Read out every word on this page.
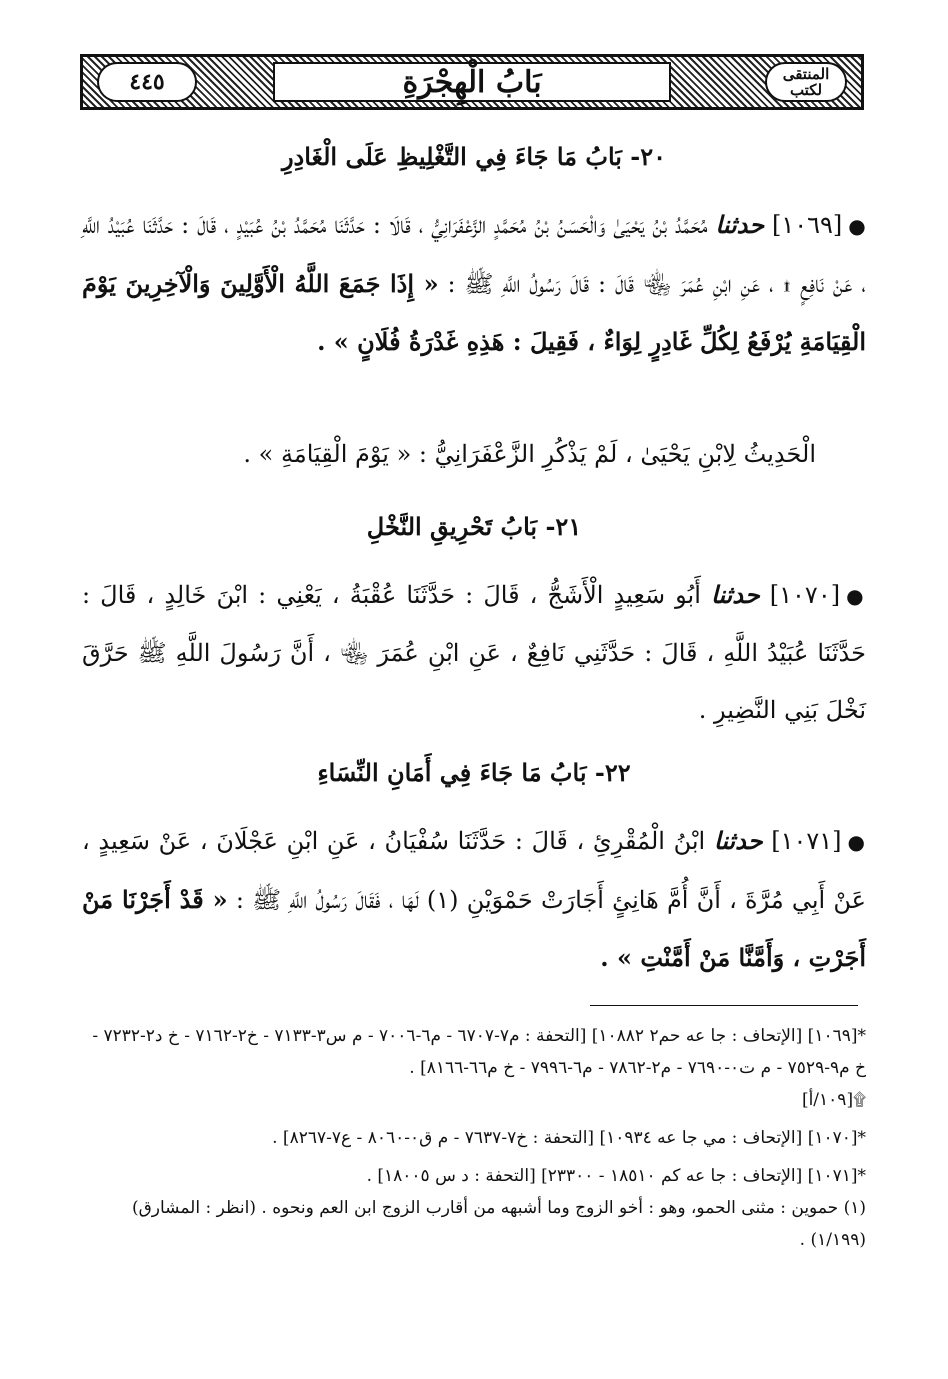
المنتقى لكتب
بَابُ الْهِجْرَةِ
٤٤٥
٢٠- بَابُ مَا جَاءَ فِي التَّغْلِيظِ عَلَى الْغَادِرِ

●[١٠٦٩] حدثنا مُحَمَّدُ بْنُ يَحْيَىٰ وَالْحَسَنُ بْنُ مُحَمَّدٍ الزَّعْفَرَانِيُّ ، قَالَا : حَدَّثَنَا مُحَمَّدُ بْنُ عُبَيْدٍ ، قَالَ : حَدَّثَنَا عُبَيْدُ اللَّهِ ، عَنْ نَافِعٍ ۩ ، عَنِ ابْنِ عُمَرَ ﵄ قَالَ : قَالَ رَسُولُ اللَّهِ ﷺ : « إِذَا جَمَعَ اللَّهُ الْأَوَّلِينَ وَالْآخِرِينَ يَوْمَ الْقِيَامَةِ يُرْفَعُ لِكُلِّ غَادِرٍ لِوَاءٌ ، فَقِيلَ : هَذِهِ غَدْرَةُ فُلَانٍ » .

الْحَدِيثُ لِابْنِ يَحْيَىٰ ، لَمْ يَذْكُرِ الزَّعْفَرَانِيُّ : « يَوْمَ الْقِيَامَةِ » .

٢١- بَابُ تَحْرِيقِ النَّخْلِ

●[١٠٧٠] حدثنا أَبُو سَعِيدٍ الْأَشَجُّ ، قَالَ : حَدَّثَنَا عُقْبَةُ ، يَعْنِي : ابْنَ خَالِدٍ ، قَالَ : حَدَّثَنَا عُبَيْدُ اللَّهِ ، قَالَ : حَدَّثَنِي نَافِعٌ ، عَنِ ابْنِ عُمَرَ ﵄ ، أَنَّ رَسُولَ اللَّهِ ﷺ حَرَّقَ نَخْلَ بَنِي النَّضِيرِ .

٢٢- بَابُ مَا جَاءَ فِي أَمَانِ النِّسَاءِ

●[١٠٧١] حدثنا ابْنُ الْمُقْرِئِ ، قَالَ : حَدَّثَنَا سُفْيَانُ ، عَنِ ابْنِ عَجْلَانَ ، عَنْ سَعِيدٍ ، عَنْ أَبِي مُرَّةَ ، أَنَّ أُمَّ هَانِئٍ أَجَارَتْ حَمْوَيْنِ (١) لَهَا ، فَقَالَ رَسُولُ اللَّهِ ﷺ : « قَدْ أَجَرْنَا مَنْ أَجَرْتِ ، وَأَمَّنَّا مَنْ أَمَّنْتِ » .

*[١٠٦٩] [الإتحاف : جا عه حم٢ ١٠٨٨٢] [التحفة : م٧-٦٧٠٧ - م٦-٧٠٠٦ - م س٣-٧١٣٣ - خ٢-٧١٦٢ - خ د٢-٧٢٣٢ - خ م٩-٧٥٢٩ - م ت٠-٧٦٩٠ - م٢-٧٨٦٢ - م٦-٧٩٩٦ - خ م٦٦-٨١٦٦] .

۩[١٠٩/أ]

*[١٠٧٠] [الإتحاف : مي جا عه ١٠٩٣٤] [التحفة : خ٧-٧٦٣٧ - م ق٠-٨٠٦٠ - ع٧-٨٢٦٧] .

*[١٠٧١] [الإتحاف : جا عه كم ١٨٥١٠ - ٢٣٣٠٠] [التحفة : د س ١٨٠٠٥] .

(١) حموين : مثنى الحمو، وهو : أخو الزوج وما أشبهه من أقارب الزوج ابن العم ونحوه . (انظر : المشارق) (١/١٩٩) .
